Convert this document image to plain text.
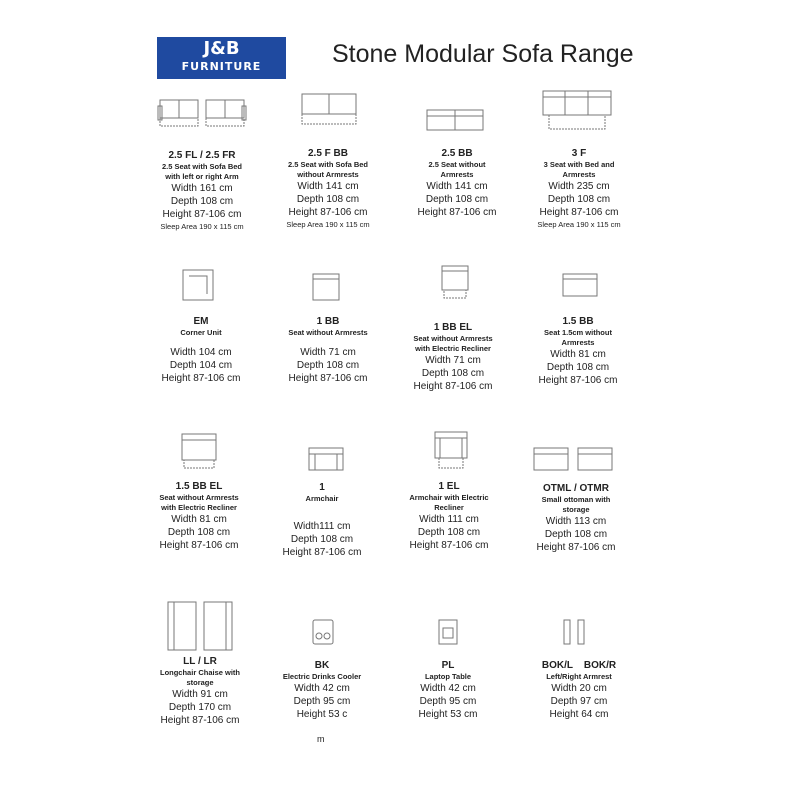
J&B
FURNITURE	Stone Modular Sofa Range
2.5 FL / 2.5 FR
2.5 Seat with Sofa Bed
with left or right Arm
Width 161 cm
Depth 108 cm
Height 87-106 cm
Sleep Area 190 x 115 cm
2.5 F BB
2.5 Seat with Sofa Bed
without Armrests
Width 141 cm
Depth 108 cm
Height 87-106 cm
Sleep Area 190 x 115 cm
2.5 BB
2.5 Seat without
Armrests
Width 141 cm
Depth 108 cm
Height 87-106 cm
3 F
3 Seat with Bed and
Armrests
Width 235 cm
Depth 108 cm
Height 87-106 cm
Sleep Area 190 x 115 cm
EM
Corner Unit
Width 104 cm
Depth 104 cm
Height 87-106 cm
1 BB
Seat without Armrests
Width 71 cm
Depth 108 cm
Height 87-106 cm
1 BB EL
Seat without Armrests
with Electric Recliner
Width 71 cm
Depth 108 cm
Height 87-106 cm
1.5 BB
Seat 1.5cm without
Armrests
Width 81 cm
Depth 108 cm
Height 87-106 cm
1.5 BB EL
Seat without Armrests
with Electric Recliner
Width 81 cm
Depth 108 cm
Height 87-106 cm
1
Armchair
Width111 cm
Depth 108 cm
Height 87-106 cm
1 EL
Armchair with Electric
Recliner
Width 111 cm
Depth 108 cm
Height 87-106 cm
OTML / OTMR
Small ottoman with
storage
Width 113 cm
Depth 108 cm
Height 87-106 cm
LL / LR
Longchair Chaise with
storage
Width 91 cm
Depth 170 cm
Height 87-106 cm
BK
Electric Drinks Cooler
Width 42 cm
Depth 95 cm
Height 53 c
PL
Laptop Table
Width 42 cm
Depth 95 cm
Height 53 cm
BOK/L    BOK/R
Left/Right Armrest
Width 20 cm
Depth 97 cm
Height 64 cm
m
